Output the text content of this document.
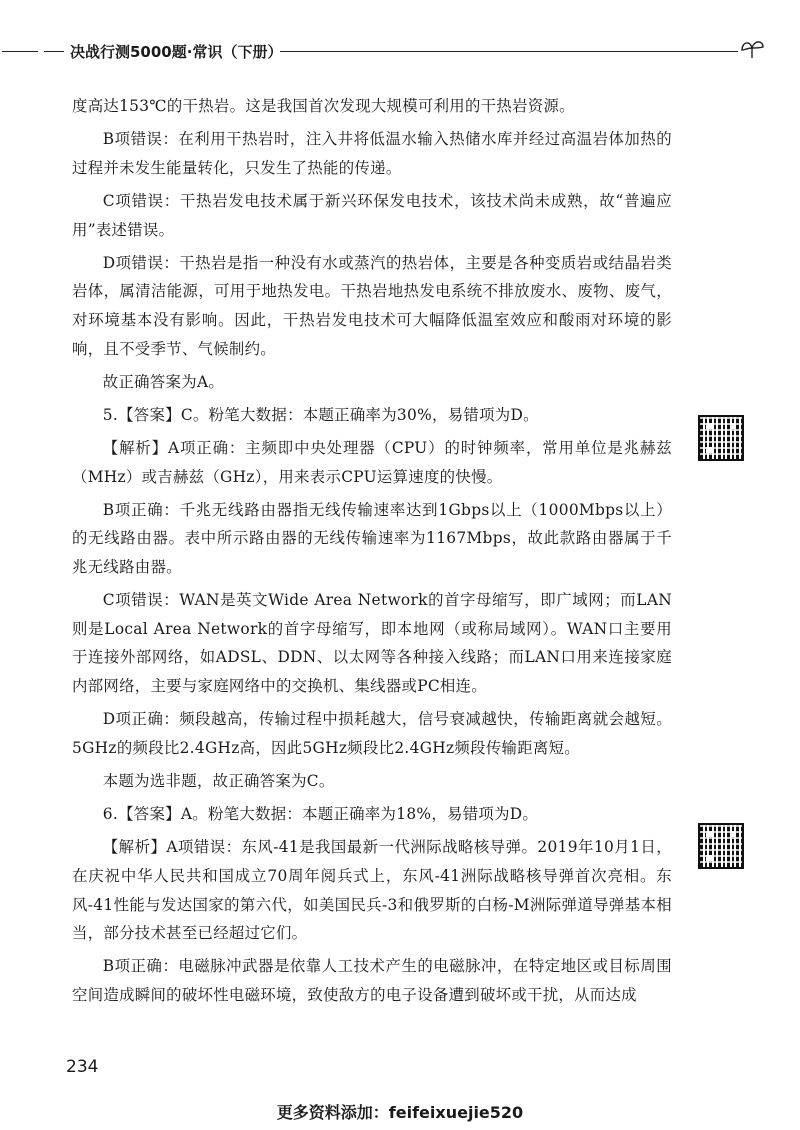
决战行测5000题·常识（下册）

度高达153℃的干热岩。这是我国首次发现大规模可利用的干热岩资源。

B项错误：在利用干热岩时，注入井将低温水输入热储水库并经过高温岩体加热的过程并未发生能量转化，只发生了热能的传递。

C项错误：干热岩发电技术属于新兴环保发电技术，该技术尚未成熟，故“普遍应用”表述错误。

D项错误：干热岩是指一种没有水或蒸汽的热岩体，主要是各种变质岩或结晶岩类岩体，属清洁能源，可用于地热发电。干热岩地热发电系统不排放废水、废物、废气，对环境基本没有影响。因此，干热岩发电技术可大幅降低温室效应和酸雨对环境的影响，且不受季节、气候制约。

故正确答案为A。

5.【答案】C。粉笔大数据：本题正确率为30%，易错项为D。

【解析】A项正确：主频即中央处理器（CPU）的时钟频率，常用单位是兆赫兹（MHz）或吉赫兹（GHz），用来表示CPU运算速度的快慢。

B项正确：千兆无线路由器指无线传输速率达到1Gbps以上（1000Mbps以上）的无线路由器。表中所示路由器的无线传输速率为1167Mbps，故此款路由器属于千兆无线路由器。

C项错误：WAN是英文Wide Area Network的首字母缩写，即广域网；而LAN则是Local Area Network的首字母缩写，即本地网（或称局域网）。WAN口主要用于连接外部网络，如ADSL、DDN、以太网等各种接入线路；而LAN口用来连接家庭内部网络，主要与家庭网络中的交换机、集线器或PC相连。

D项正确：频段越高，传输过程中损耗越大，信号衰减越快，传输距离就会越短。5GHz的频段比2.4GHz高，因此5GHz频段比2.4GHz频段传输距离短。

本题为选非题，故正确答案为C。

6.【答案】A。粉笔大数据：本题正确率为18%，易错项为D。

【解析】A项错误：东风-41是我国最新一代洲际战略核导弹。2019年10月1日，在庆祝中华人民共和国成立70周年阅兵式上，东风-41洲际战略核导弹首次亮相。东风-41性能与发达国家的第六代，如美国民兵-3和俄罗斯的白杨-M洲际弹道导弹基本相当，部分技术甚至已经超过它们。

B项正确：电磁脉冲武器是依靠人工技术产生的电磁脉冲，在特定地区或目标周围空间造成瞬间的破坏性电磁环境，致使敌方的电子设备遭到破坏或干扰，从而达成

234
更多资料添加：feifeixuejie520
